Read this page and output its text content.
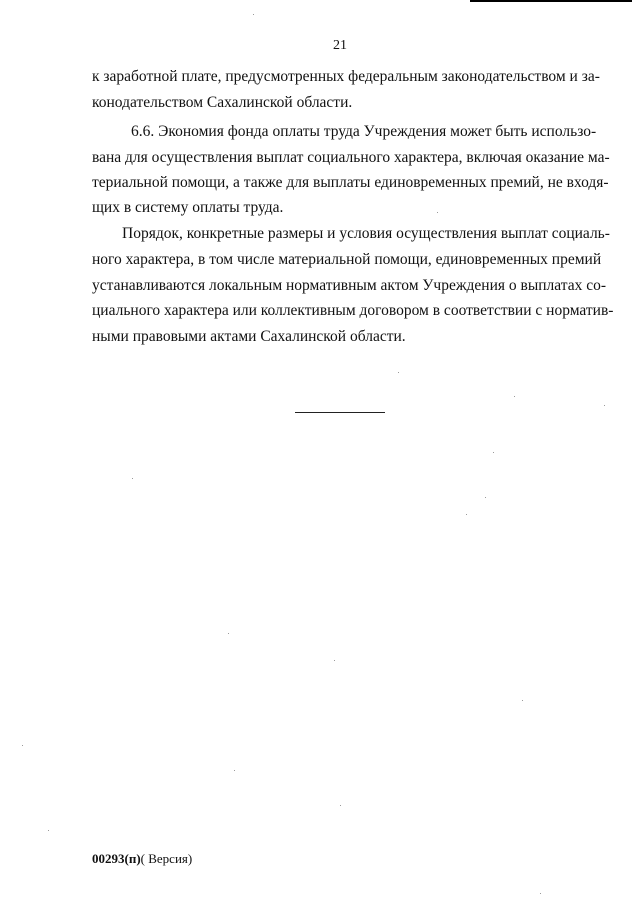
21
к заработной плате, предусмотренных федеральным законодательством и за-
конодательством Сахалинской области.
6.6. Экономия фонда оплаты труда Учреждения может быть использо-
вана для осуществления выплат социального характера, включая оказание ма-
териальной помощи, а также для выплаты единовременных премий, не входя-
щих в систему оплаты труда.
Порядок, конкретные размеры и условия осуществления выплат социаль-
ного характера, в том числе материальной помощи, единовременных премий
устанавливаются локальным нормативным актом Учреждения о выплатах со-
циального характера или коллективным договором в соответствии с норматив-
ными правовыми актами Сахалинской области.
00293(п)( Версия)
